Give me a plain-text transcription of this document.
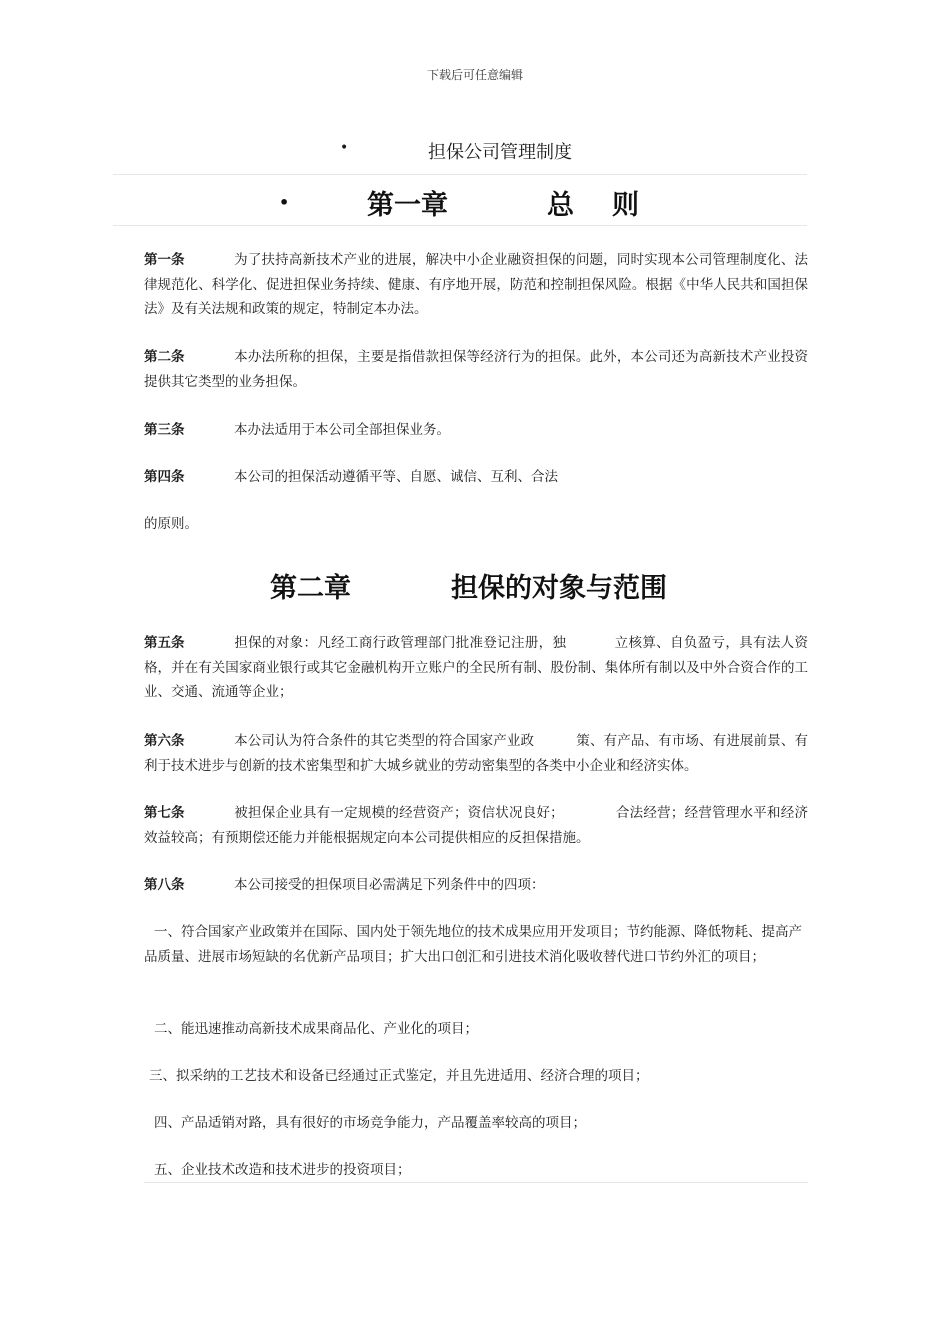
下载后可任意编辑
•	担保公司管理制度
•	第一章	总 则
第一条	为了扶持高新技术产业的进展，解决中小企业融资担保的问题，同时实现本公司管理制度化、法律规范化、科学化、促进担保业务持续、健康、有序地开展，防范和控制担保风险。根据《中华人民共和国担保法》及有关法规和政策的规定，特制定本办法。
第二条	本办法所称的担保，主要是指借款担保等经济行为的担保。此外，本公司还为高新技术产业投资提供其它类型的业务担保。
第三条	本办法适用于本公司全部担保业务。
第四条	本公司的担保活动遵循平等、自愿、诚信、互利、合法
的原则。
第二章	担保的对象与范围
第五条	担保的对象：凡经工商行政管理部门批准登记注册，独	立核算、自负盈亏，具有法人资格，并在有关国家商业银行或其它金融机构开立账户的全民所有制、股份制、集体所有制以及中外合资合作的工业、交通、流通等企业；
第六条	本公司认为符合条件的其它类型的符合国家产业政	策、有产品、有市场、有进展前景、有利于技术进步与创新的技术密集型和扩大城乡就业的劳动密集型的各类中小企业和经济实体。
第七条	被担保企业具有一定规模的经营资产；资信状况良好；	合法经营；经营管理水平和经济效益较高；有预期偿还能力并能根据规定向本公司提供相应的反担保措施。
第八条	本公司接受的担保项目必需满足下列条件中的四项：
一、符合国家产业政策并在国际、国内处于领先地位的技术成果应用开发项目；节约能源、降低物耗、提高产品质量、进展市场短缺的名优新产品项目；扩大出口创汇和引进技术消化吸收替代进口节约外汇的项目；
二、能迅速推动高新技术成果商品化、产业化的项目；
三、拟采纳的工艺技术和设备已经通过正式鉴定，并且先进适用、经济合理的项目；
四、产品适销对路，具有很好的市场竞争能力，产品覆盖率较高的项目；
五、企业技术改造和技术进步的投资项目；
